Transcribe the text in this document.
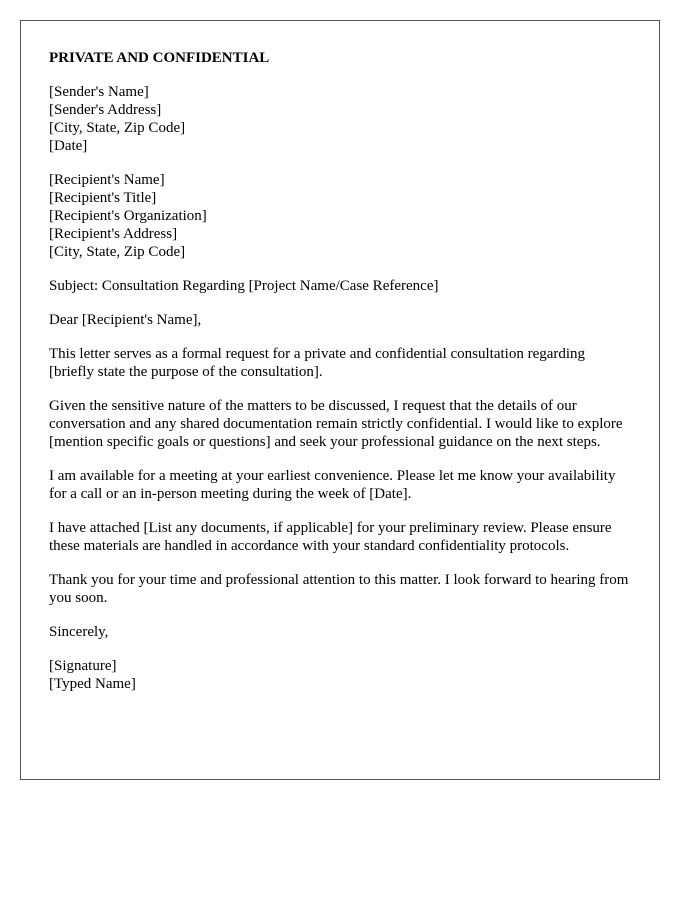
PRIVATE AND CONFIDENTIAL
[Sender's Name]
[Sender's Address]
[City, State, Zip Code]
[Date]
[Recipient's Name]
[Recipient's Title]
[Recipient's Organization]
[Recipient's Address]
[City, State, Zip Code]

Subject: Consultation Regarding [Project Name/Case Reference]

Dear [Recipient's Name],

This letter serves as a formal request for a private and confidential consultation regarding [briefly state the purpose of the consultation].

Given the sensitive nature of the matters to be discussed, I request that the details of our conversation and any shared documentation remain strictly confidential. I would like to explore [mention specific goals or questions] and seek your professional guidance on the next steps.

I am available for a meeting at your earliest convenience. Please let me know your availability for a call or an in-person meeting during the week of [Date].

I have attached [List any documents, if applicable] for your preliminary review. Please ensure these materials are handled in accordance with your standard confidentiality protocols.

Thank you for your time and professional attention to this matter. I look forward to hearing from you soon.

Sincerely,

[Signature]
[Typed Name]
